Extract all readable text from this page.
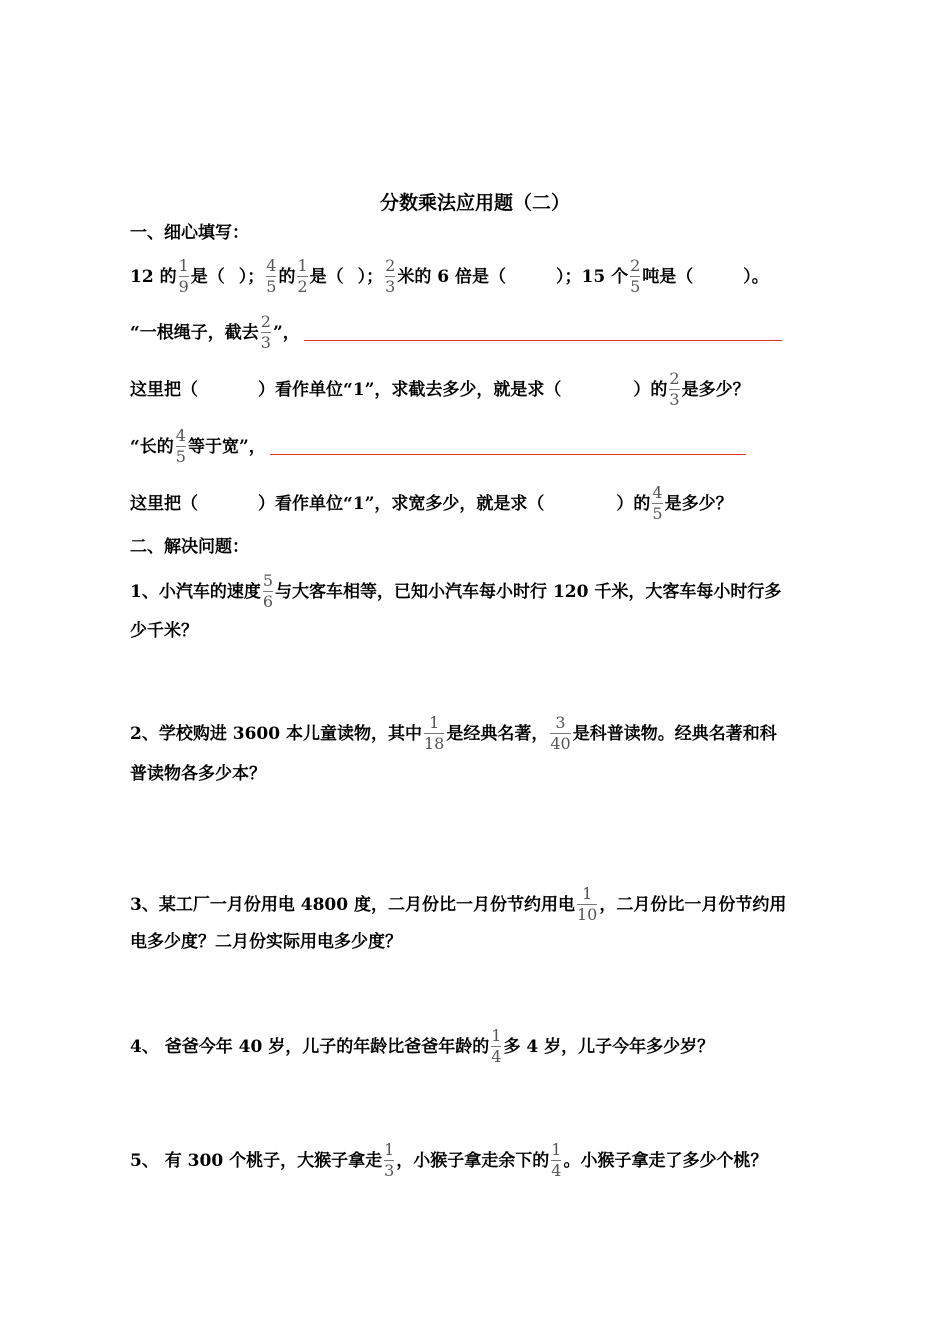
分数乘法应用题（二）
一、细心填写：
12 的 $\frac{1}{9}$ 是（ ）； $\frac{4}{5}$ 的 $\frac{1}{2}$ 是（ ）； $\frac{2}{3}$ 米的 6 倍是（	）；15 个 $\frac{2}{5}$ 吨是（	）。
“一根绳子，截去 $\frac{2}{3}$ ”，
这里把（	）看作单位“1”，求截去多少，就是求（	）的 $\frac{2}{3}$ 是多少？
“长的 $\frac{4}{5}$ 等于宽”，
这里把（	）看作单位“1”，求宽多少，就是求（	）的 $\frac{4}{5}$ 是多少？
二、解决问题：
1、小汽车的速度 $\frac{5}{6}$ 与大客车相等，已知小汽车每小时行 120 千米，大客车每小时行多
少千米？
2、学校购进 3600 本儿童读物，其中 $\frac{1}{18}$ 是经典名著， $\frac{3}{40}$ 是科普读物。经典名著和科
普读物各多少本？
3、某工厂一月份用电 4800 度，二月份比一月份节约用电 $\frac{1}{10}$ ，二月份比一月份节约用
电多少度？二月份实际用电多少度？
4、 爸爸今年 40 岁，儿子的年龄比爸爸年龄的 $\frac{1}{4}$ 多 4 岁，儿子今年多少岁？
5、 有 300 个桃子，大猴子拿走 $\frac{1}{3}$ ，小猴子拿走余下的 $\frac{1}{4}$ 。小猴子拿走了多少个桃？
